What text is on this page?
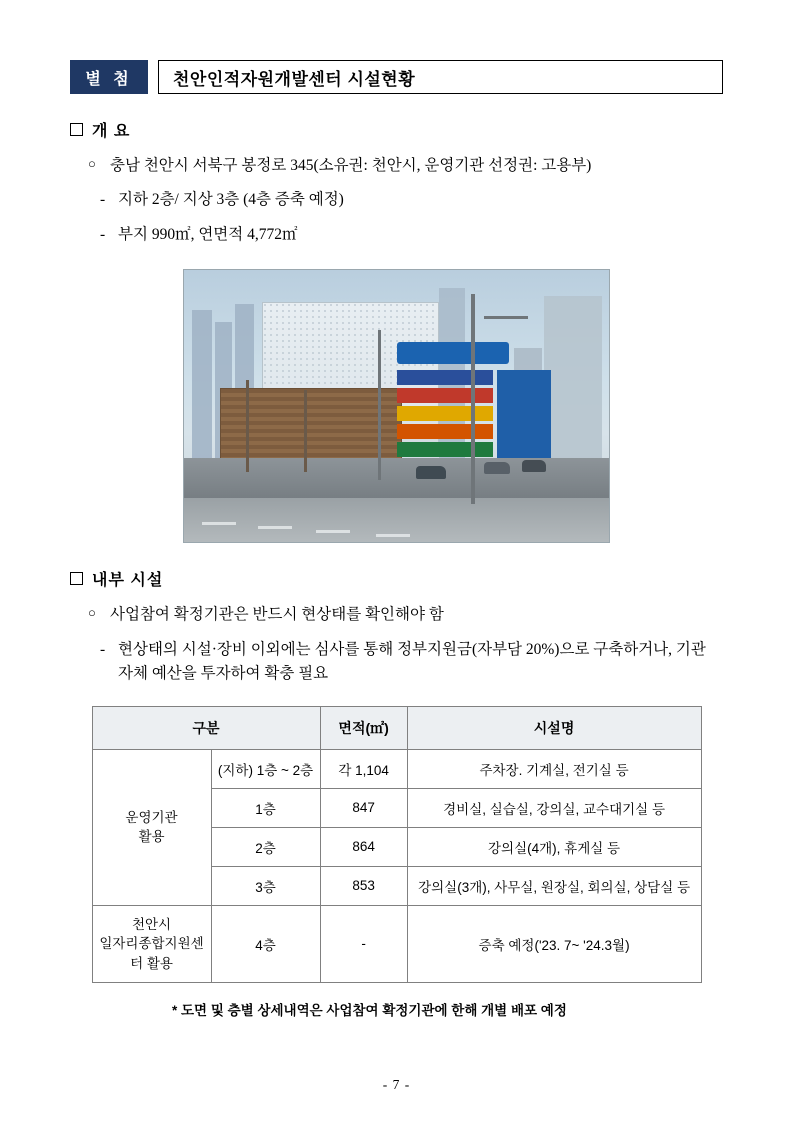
별 첨	천안인적자원개발센터 시설현황
개 요
○ 충남 천안시 서북구 봉정로 345(소유권: 천안시, 운영기관 선정권: 고용부)
- 지하 2층/ 지상 3층 (4층 증축 예정)
- 부지 990㎡, 연면적 4,772㎡
내부 시설
○ 사업참여 확정기관은 반드시 현상태를 확인해야 함
- 현상태의 시설·장비 이외에는 심사를 통해 정부지원금(자부담 20%)으로 구축하거나, 기관 자체 예산을 투자하여 확충 필요
구분		면적(㎡)	시설명
운영기관
활용	(지하) 1층 ~ 2층	각 1,104	주차장. 기계실, 전기실 등
	1층	847	경비실, 실습실, 강의실, 교수대기실 등
	2층	864	강의실(4개), 휴게실 등
	3층	853	강의실(3개), 사무실, 원장실, 회의실, 상담실 등
천안시
일자리종합지원센터 활용	4층	-	증축 예정('23. 7~ '24.3월)
* 도면 및 층별 상세내역은 사업참여 확정기관에 한해 개별 배포 예정
- 7 -
